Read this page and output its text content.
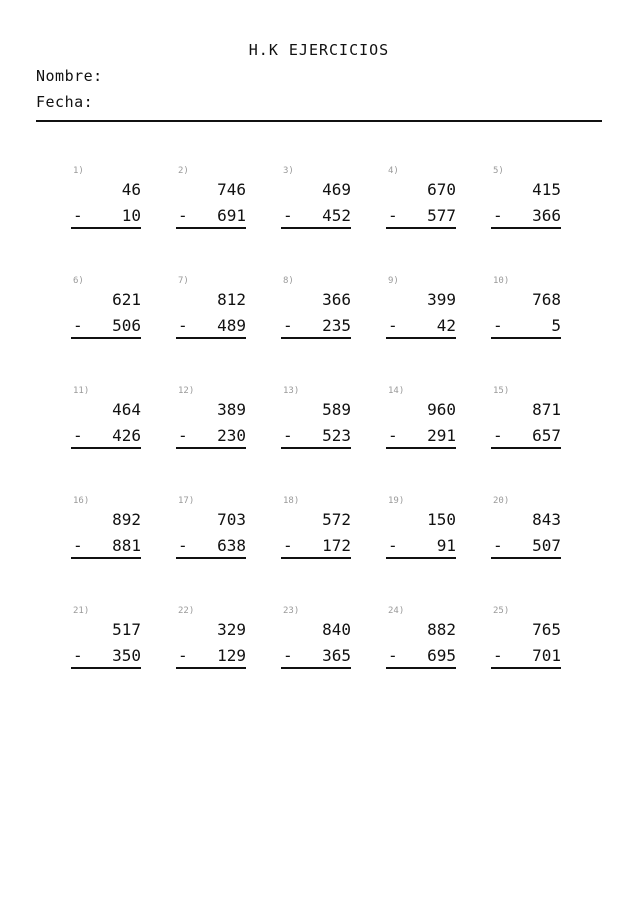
H.K EJERCICIOS
Nombre:
Fecha:
1)
46
- 10
2)
746
- 691
3)
469
- 452
4)
670
- 577
5)
415
- 366
6)
621
- 506
7)
812
- 489
8)
366
- 235
9)
399
- 42
10)
768
-	5
11)
464
- 426
12)
389
- 230
13)
589
- 523
14)
960
- 291
15)
871
- 657
16)
892
- 881
17)
703
- 638
18)
572
- 172
19)
150
- 91
20)
843
- 507
21)
517
- 350
22)
329
- 129
23)
840
- 365
24)
882
- 695
25)
765
- 701
